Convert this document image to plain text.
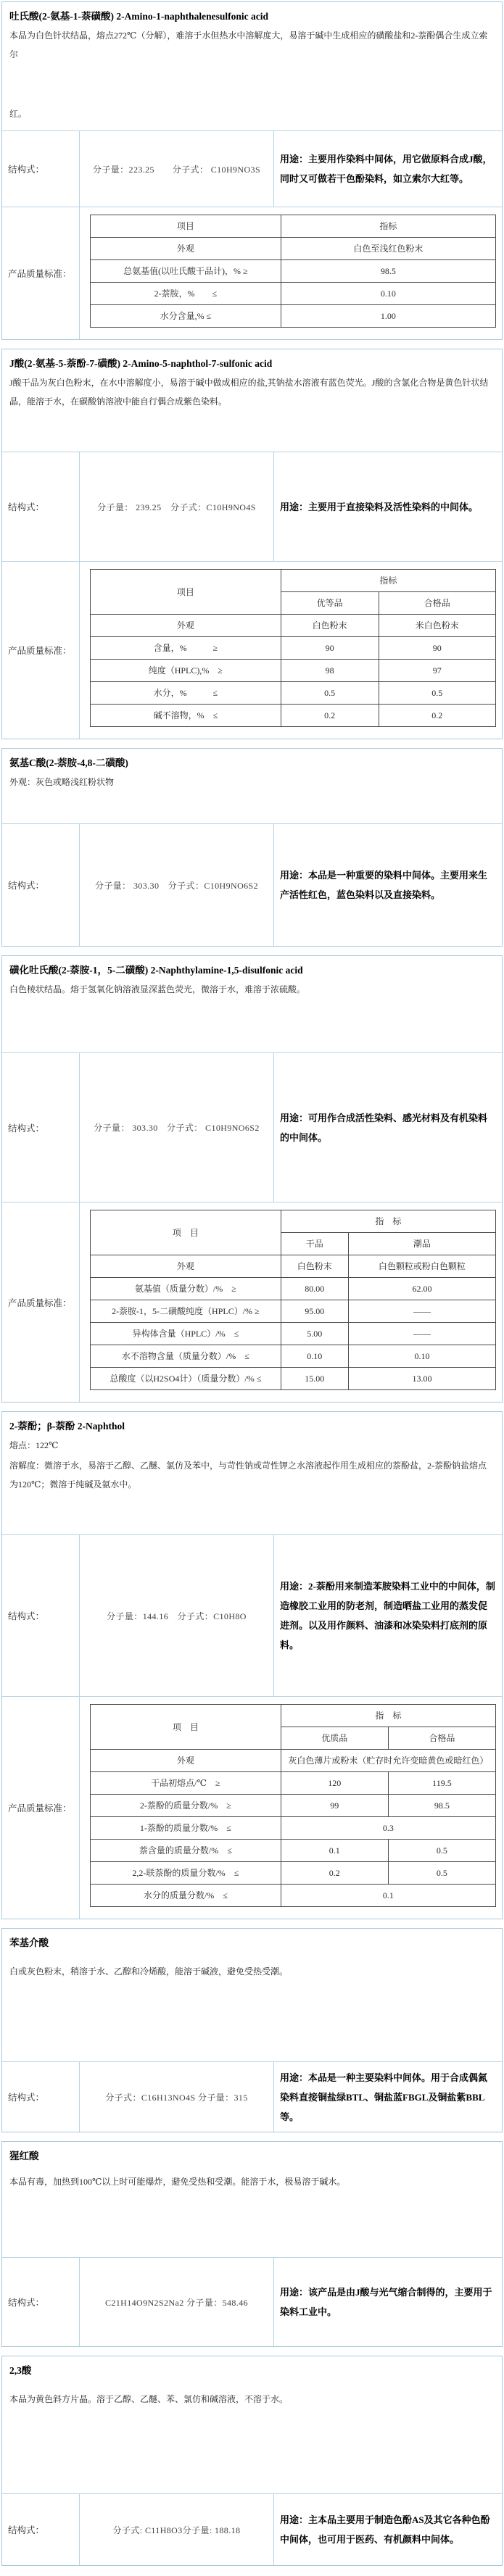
吐氏酸(2-氨基-1-萘磺酸) 2-Amino-1-naphthalenesulfonic acid

本品为白色针状结晶，熔点272℃（分解），难溶于水但热水中溶解度大，易溶于碱中生成相应的磺酸盐和2-萘酚偶合生成立索尔

红。

结构式：	分子量：223.25　　分子式： C10H9NO3S
用途：主要用作染料中间体，用它做原料合成J酸，同时又可做若干色酚染料，如立索尔大红等。
产品质量标准：
项目	指标
外观	白色至浅红色粉末
总氨基值(以吐氏酸干品计)，% ≥	98.5
2-萘胺，%　　≤	0.10
水分含量,% ≤	1.00
J酸(2-氨基-5-萘酚-7-磺酸) 2-Amino-5-naphthol-7-sulfonic acid

J酸干品为灰白色粉末，在水中溶解度小，易溶于碱中做成相应的盐,其钠盐水溶液有蓝色荧光。J酸的含氯化合物是黄色针状结晶，能溶于水，在碳酸钠溶液中能自行偶合成紫色染料。

结构式：	分子量： 239.25　分子式：C10H9NO4S	用途：主要用于直接染料及活性染料的中间体。
产品质量标准：
项目	指标	
	优等品	合格品
外观	白色粉末	米白色粉末
含量，%　　　≥	90	90
纯度（HPLC),%　≥	98	97
水分，%　　　≤	0.5	0.5
碱不溶物，%　≤	0.2	0.2
氨基C酸(2-萘胺-4,8-二磺酸)

外观：灰色或略浅红粉状物

结构式：	分子量： 303.30　分子式：C10H9NO6S2
用途：本品是一种重要的染料中间体。主要用来生产活性红色，蓝色染料以及直接染料。
磺化吐氏酸(2-萘胺-1，5-二磺酸) 2-Naphthylamine-1,5-disulfonic acid

白色棱状结晶。熔于氢氧化钠溶液显深蓝色荧光，微溶于水，难溶于浓硫酸。

结构式：	分子量： 303.30　分子式： C10H9NO6S2
用途：可用作合成活性染料、感光材料及有机染料的中间体。
产品质量标准：
项　目	指　标	
	干品	潮品
外观	白色粉末	白色颗粒或粉白色颗粒
氨基值（质量分数）/%　≥	80.00	62.00
2-萘胺-1，5-二磺酸纯度（HPLC）/% ≥	95.00	——
异构体含量（HPLC）/%　≤	5.00	——
水不溶物含量（质量分数）/%　≤	0.10	0.10
总酸度（以H2SO4计）（质量分数）/% ≤	15.00	13.00
2-萘酚；β-萘酚 2-Naphthol

熔点：122℃

溶解度：微溶于水，易溶于乙醇、乙醚、氯仿及苯中，与苛性钠或苛性钾之水溶液起作用生成相应的萘酚盐，2-萘酚钠盐熔点为120℃；微溶于纯碱及氨水中。

结构式：	分子量：144.16　分子式：C10H8O
用途：2-萘酚用来制造苯胺染料工业中的中间体，制造橡胶工业用的防老剂，制造晒盐工业用的蒸发促进剂。以及用作颜料、油漆和冰染染料打底剂的原料。
产品质量标准：
项　目	指　标	
	优质品	合格品
外观	灰白色薄片或粉末（贮存时允许变暗黄色或暗红色）	
干品初熔点/℃　≥	120	119.5
2-萘酚的质量分数/%　≥	99	98.5
1-萘酚的质量分数/%　≤	0.3	
萘含量的质量分数/%　≤	0.1	0.5
2,2-联萘酚的质量分数/%　≤	0.2	0.5
水分的质量分数/%　≤	0.1	
苯基介酸

白或灰色粉末，稍溶于水、乙醇和冷烯酸，能溶于碱液，避免受热受潮。

结构式：	分子式：C16H13NO4S 分子量：315
用途：本品是一种主要染料中间体。用于合成偶氮染料直接铜盐绿BTL、铜盐蓝FBGL及铜盐紫BBL等。
猩红酸

本品有毒，加热到100℃以上时可能爆炸，避免受热和受潮。能溶于水，极易溶于碱水。

结构式：	C21H14O9N2S2Na2 分子量：548.46
用途：该产品是由J酸与光气缩合制得的，主要用于染料工业中。
2,3酸

本品为黄色斜方片晶。溶于乙醇、乙醚、苯、氯仿和碱溶液，不溶于水。

结构式：	分子式: C11H8O3分子量: 188.18
用途：主本品主要用于制造色酚AS及其它各种色酚中间体，也可用于医药、有机颜料中间体。
